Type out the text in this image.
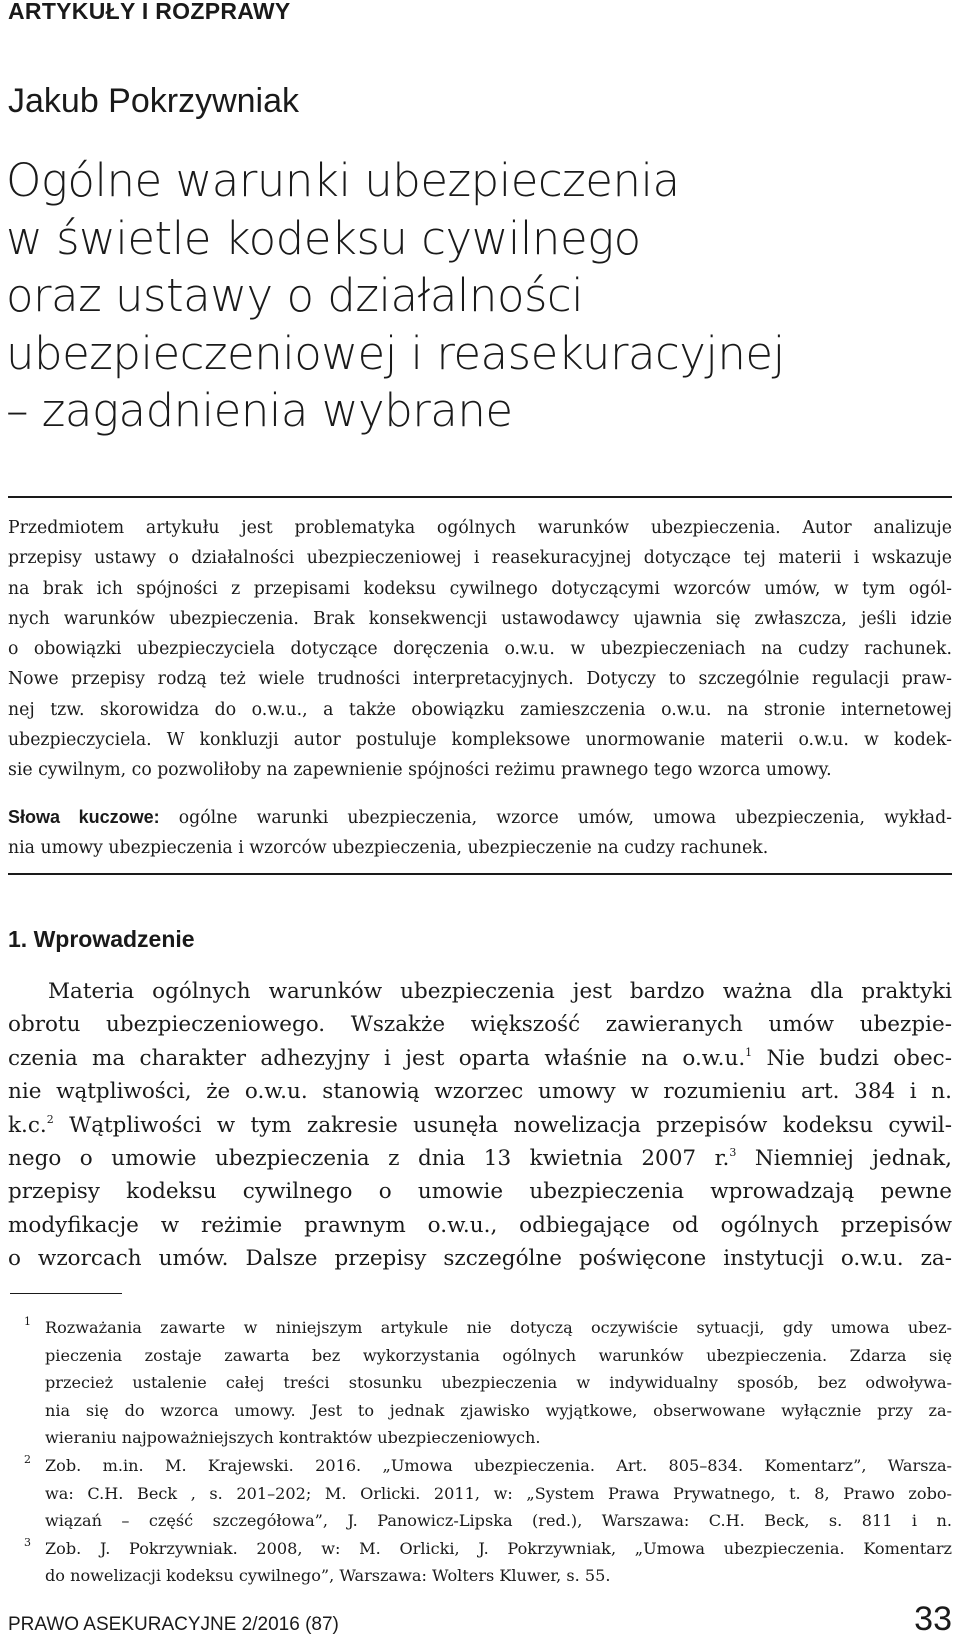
ARTYKUŁY I ROZPRAWY
Jakub Pokrzywniak
Ogólne warunki ubezpieczenia
w świetle kodeksu cywilnego
oraz ustawy o działalności
ubezpieczeniowej i reasekuracyjnej
– zagadnienia wybrane
Przedmiotem artykułu jest problematyka ogólnych warunków ubezpieczenia. Autor analizuje
przepisy ustawy o działalności ubezpieczeniowej i reasekuracyjnej dotyczące tej materii i wskazuje
na brak ich spójności z przepisami kodeksu cywilnego dotyczącymi wzorców umów, w tym ogól-
nych warunków ubezpieczenia. Brak konsekwencji ustawodawcy ujawnia się zwłaszcza, jeśli idzie
o obowiązki ubezpieczyciela dotyczące doręczenia o.w.u. w ubezpieczeniach na cudzy rachunek.
Nowe przepisy rodzą też wiele trudności interpretacyjnych. Dotyczy to szczególnie regulacji praw-
nej tzw. skorowidza do o.w.u., a także obowiązku zamieszczenia o.w.u. na stronie internetowej
ubezpieczyciela. W konkluzji autor postuluje kompleksowe unormowanie materii o.w.u. w kodek-
sie cywilnym, co pozwoliłoby na zapewnienie spójności reżimu prawnego tego wzorca umowy.
Słowa kuczowe: ogólne warunki ubezpieczenia, wzorce umów, umowa ubezpieczenia, wykład-
nia umowy ubezpieczenia i wzorców ubezpieczenia, ubezpieczenie na cudzy rachunek.
1. Wprowadzenie
Materia ogólnych warunków ubezpieczenia jest bardzo ważna dla praktyki
obrotu ubezpieczeniowego. Wszakże większość zawieranych umów ubezpie-
czenia ma charakter adhezyjny i jest oparta właśnie na o.w.u.$^1$ Nie budzi obec-
nie wątpliwości, że o.w.u. stanowią wzorzec umowy w rozumieniu art. 384 i n.
k.c.$^2$ Wątpliwości w tym zakresie usunęła nowelizacja przepisów kodeksu cywil-
nego o umowie ubezpieczenia z dnia 13 kwietnia 2007 r.$^3$ Niemniej jednak,
przepisy kodeksu cywilnego o umowie ubezpieczenia wprowadzają pewne
modyfikacje w reżimie prawnym o.w.u., odbiegające od ogólnych przepisów
o wzorcach umów. Dalsze przepisy szczególne poświęcone instytucji o.w.u. za-
1 Rozważania zawarte w niniejszym artykule nie dotyczą oczywiście sytuacji, gdy umowa ubez-
pieczenia zostaje zawarta bez wykorzystania ogólnych warunków ubezpieczenia. Zdarza się
przecież ustalenie całej treści stosunku ubezpieczenia w indywidualny sposób, bez odwoływa-
nia się do wzorca umowy. Jest to jednak zjawisko wyjątkowe, obserwowane wyłącznie przy za-
wieraniu najpoważniejszych kontraktów ubezpieczeniowych.
2 Zob. m.in. M. Krajewski. 2016. „Umowa ubezpieczenia. Art. 805–834. Komentarz”, Warsza-
wa: C.H. Beck , s. 201–202; M. Orlicki. 2011, w: „System Prawa Prywatnego, t. 8, Prawo zobo-
wiązań – część szczegółowa”, J. Panowicz-Lipska (red.), Warszawa: C.H. Beck, s. 811 i n.
3 Zob. J. Pokrzywniak. 2008, w: M. Orlicki, J. Pokrzywniak, „Umowa ubezpieczenia. Komentarz
do nowelizacji kodeksu cywilnego”, Warszawa: Wolters Kluwer, s. 55.
PRAWO ASEKURACYJNE 2/2016 (87)	33
